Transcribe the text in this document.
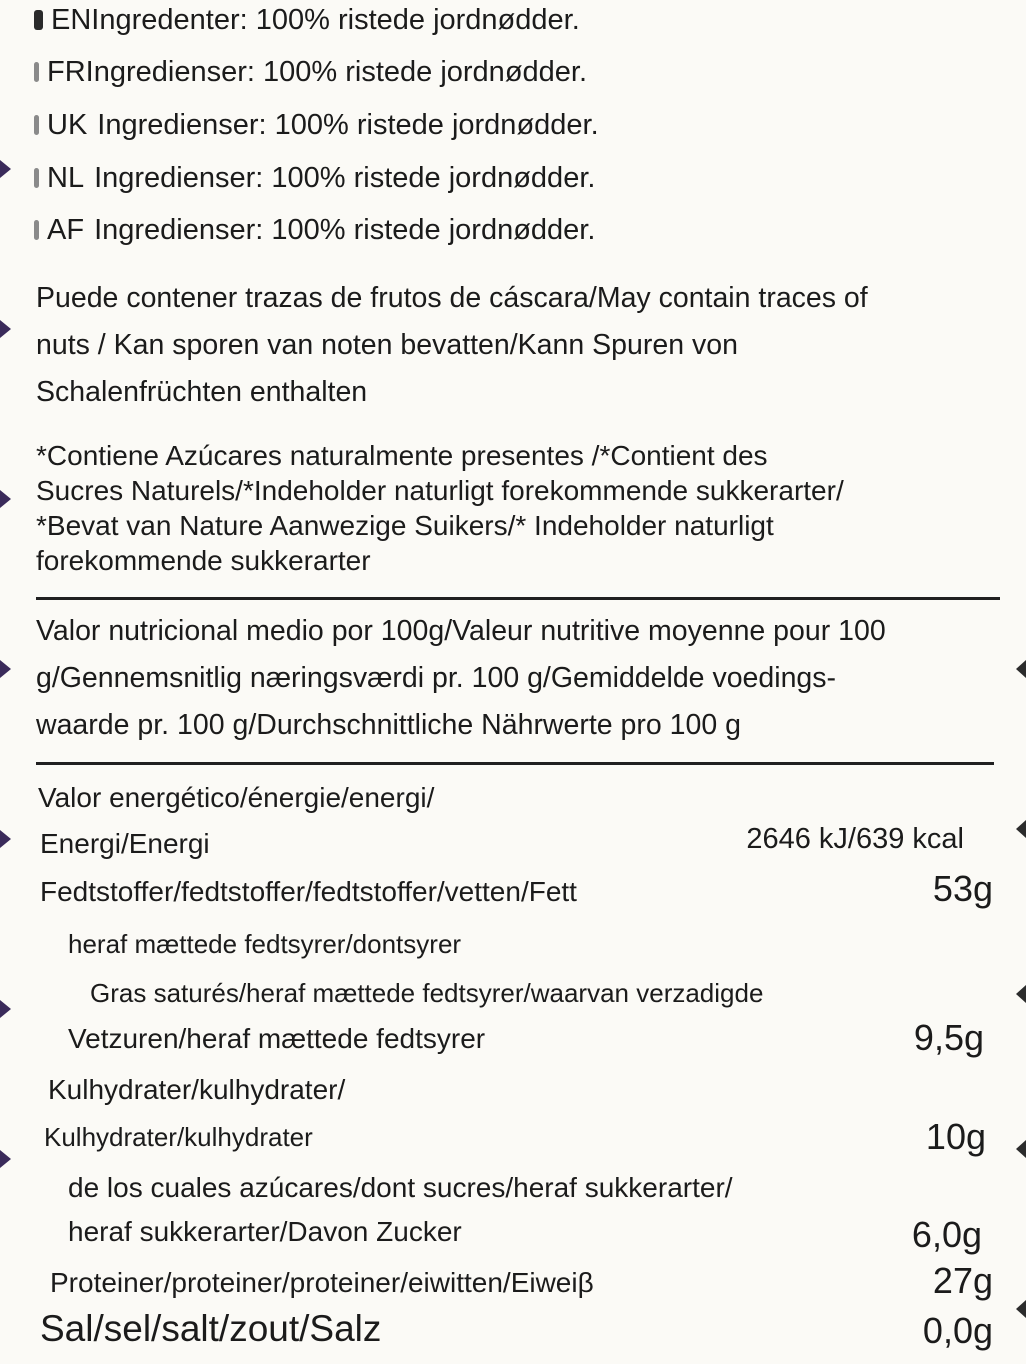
EN Ingredenter: 100% ristede jordnødder.
FR Ingredienser: 100% ristede jordnødder.
UK Ingredienser: 100% ristede jordnødder.
NL Ingredienser: 100% ristede jordnødder.
AF Ingredienser: 100% ristede jordnødder.
Puede contener trazas de frutos de cáscara/May contain traces of
nuts / Kan sporen van noten bevatten/Kann Spuren von
Schalenfrüchten enthalten
*Contiene Azúcares naturalmente presentes /*Contient des
Sucres Naturels/*Indeholder naturligt forekommende sukkerarter/
*Bevat van Nature Aanwezige Suikers/* Indeholder naturligt
forekommende sukkerarter
Valor nutricional medio por 100g/Valeur nutritive moyenne pour 100
g/Gennemsnitlig næringsværdi pr. 100 g/Gemiddelde voedings-
waarde pr. 100 g/Durchschnittliche Nährwerte pro 100 g
Valor energético/énergie/energi/
Energi/Energi	2646 kJ/639 kcal
Fedtstoffer/fedtstoffer/fedtstoffer/vetten/Fett	53g
heraf mættede fedtsyrer/dontsyrer
Gras saturés/heraf mættede fedtsyrer/waarvan verzadigde
Vetzuren/heraf mættede fedtsyrer	9,5g
Kulhydrater/kulhydrater/
Kulhydrater/kulhydrater	10g
de los cuales azúcares/dont sucres/heraf sukkerarter/
heraf sukkerarter/Davon Zucker	6,0g
Proteiner/proteiner/proteiner/eiwitten/Eiweiβ	27g
Sal/sel/salt/zout/Salz	0,0g
